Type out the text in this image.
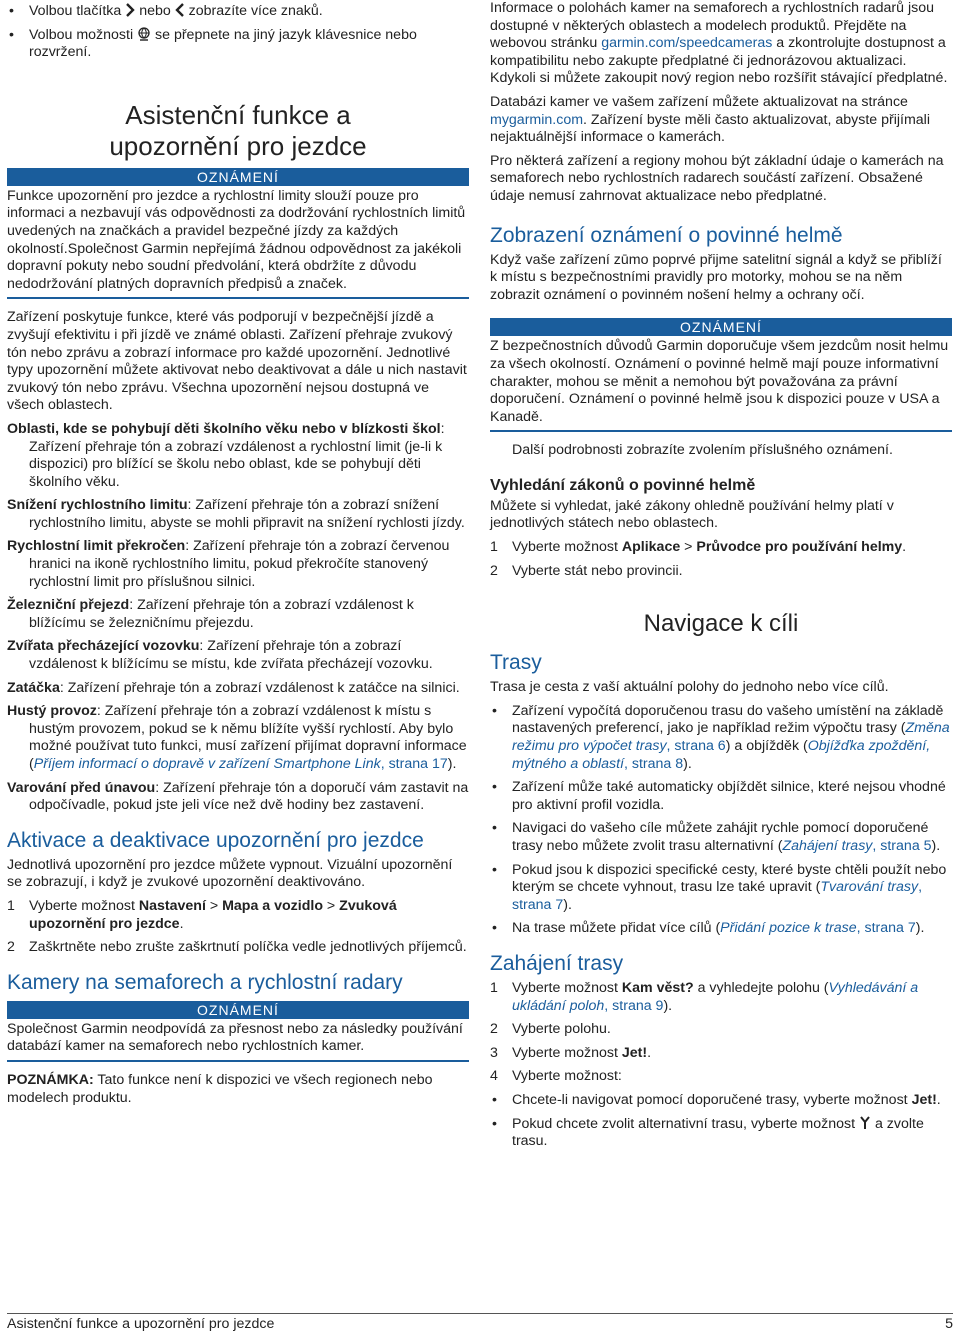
• Volbou tlačítka nebo zobrazíte více znaků.
• Volbou možnosti se přepnete na jiný jazyk klávesnice nebo rozvržení.
Asistenční funkce a upozornění pro jezdce
OZNÁMENÍ
Funkce upozornění pro jezdce a rychlostní limity slouží pouze pro informaci a nezbavují vás odpovědnosti za dodržování rychlostních limitů uvedených na značkách a pravidel bezpečné jízdy za každých okolností.Společnost Garmin nepřejímá žádnou odpovědnost za jakékoli dopravní pokuty nebo soudní předvolání, která obdržíte z důvodu nedodržování platných dopravních předpisů a značek.

Zařízení poskytuje funkce, které vás podporují v bezpečnější jízdě a zvyšují efektivitu i při jízdě ve známé oblasti. Zařízení přehraje zvukový tón nebo zprávu a zobrazí informace pro každé upozornění. Jednotlivé typy upozornění můžete aktivovat nebo deaktivovat a dále u nich nastavit zvukový tón nebo zprávu. Všechna upozornění nejsou dostupná ve všech oblastech.

Oblasti, kde se pohybují děti školního věku nebo v blízkosti škol: Zařízení přehraje tón a zobrazí vzdálenost a rychlostní limit (je-li k dispozici) pro blížící se školu nebo oblast, kde se pohybují děti školního věku.

Snížení rychlostního limitu: Zařízení přehraje tón a zobrazí snížení rychlostního limitu, abyste se mohli připravit na snížení rychlosti jízdy.

Rychlostní limit překročen: Zařízení přehraje tón a zobrazí červenou hranici na ikoně rychlostního limitu, pokud překročíte stanovený rychlostní limit pro příslušnou silnici.

Železniční přejezd: Zařízení přehraje tón a zobrazí vzdálenost k blížícímu se železničnímu přejezdu.

Zvířata přecházející vozovku: Zařízení přehraje tón a zobrazí vzdálenost k blížícímu se místu, kde zvířata přecházejí vozovku.

Zatáčka: Zařízení přehraje tón a zobrazí vzdálenost k zatáčce na silnici.

Hustý provoz: Zařízení přehraje tón a zobrazí vzdálenost k místu s hustým provozem, pokud se k němu blížíte vyšší rychlostí. Aby bylo možné používat tuto funkci, musí zařízení přijímat dopravní informace (Příjem informací o dopravě v zařízení Smartphone Link, strana 17).

Varování před únavou: Zařízení přehraje tón a doporučí vám zastavit na odpočívadle, pokud jste jeli více než dvě hodiny bez zastavení.

Aktivace a deaktivace upozornění pro jezdce

Jednotlivá upozornění pro jezdce můžete vypnout. Vizuální upozornění se zobrazují, i když je zvukové upozornění deaktivováno.

1 Vyberte možnost Nastavení > Mapa a vozidlo > Zvuková upozornění pro jezdce.
2 Zaškrtněte nebo zrušte zaškrtnutí políčka vedle jednotlivých příjemců.
Kamery na semaforech a rychlostní radary
OZNÁMENÍ
Společnost Garmin neodpovídá za přesnost nebo za následky používání databází kamer na semaforech nebo rychlostních kamer.

POZNÁMKA: Tato funkce není k dispozici ve všech regionech nebo modelech produktu.

Informace o polohách kamer na semaforech a rychlostních radarů jsou dostupné v některých oblastech a modelech produktů. Přejděte na webovou stránku garmin.com/speedcameras a zkontrolujte dostupnost a kompatibilitu nebo zakupte předplatné či jednorázovou aktualizaci. Kdykoli si můžete zakoupit nový region nebo rozšířit stávající předplatné.

Databázi kamer ve vašem zařízení můžete aktualizovat na stránce mygarmin.com. Zařízení byste měli často aktualizovat, abyste přijímali nejaktuálnější informace o kamerách.

Pro některá zařízení a regiony mohou být základní údaje o kamerách na semaforech nebo rychlostních radarech součástí zařízení. Obsažené údaje nemusí zahrnovat aktualizace nebo předplatné.

Zobrazení oznámení o povinné helmě

Když vaše zařízení zūmo poprvé přijme satelitní signál a když se přiblíží k místu s bezpečnostními pravidly pro motorky, mohou se na něm zobrazit oznámení o povinném nošení helmy a ochrany očí.

OZNÁMENÍ
Z bezpečnostních důvodů Garmin doporučuje všem jezdcům nosit helmu za všech okolností. Oznámení o povinné helmě mají pouze informativní charakter, mohou se měnit a nemohou být považována za právní doporučení. Oznámení o povinné helmě jsou k dispozici pouze v USA a Kanadě.

Další podrobnosti zobrazíte zvolením příslušného oznámení.

Vyhledání zákonů o povinné helmě

Můžete si vyhledat, jaké zákony ohledně používání helmy platí v jednotlivých státech nebo oblastech.

1 Vyberte možnost Aplikace > Průvodce pro používání helmy.
2 Vyberte stát nebo provincii.
Navigace k cíli
Trasy

Trasa je cesta z vaší aktuální polohy do jednoho nebo více cílů.

• Zařízení vypočítá doporučenou trasu do vašeho umístění na základě nastavených preferencí, jako je například režim výpočtu trasy (Změna režimu pro výpočet trasy, strana 6) a objížděk (Objížďka zpoždění, mýtného a oblastí, strana 8).
• Zařízení může také automaticky objíždět silnice, které nejsou vhodné pro aktivní profil vozidla.
• Navigaci do vašeho cíle můžete zahájit rychle pomocí doporučené trasy nebo můžete zvolit trasu alternativní (Zahájení trasy, strana 5).
• Pokud jsou k dispozici specifické cesty, které byste chtěli použít nebo kterým se chcete vyhnout, trasu lze také upravit (Tvarování trasy, strana 7).
• Na trase můžete přidat více cílů (Přidání pozice k trase, strana 7).
Zahájení trasy
1 Vyberte možnost Kam věst? a vyhledejte polohu (Vyhledávání a ukládání poloh, strana 9).
2 Vyberte polohu.
3 Vyberte možnost Jet!.
4 Vyberte možnost:
• Chcete-li navigovat pomocí doporučené trasy, vyberte možnost Jet!.
• Pokud chcete zvolit alternativní trasu, vyberte možnost a zvolte trasu.
Asistenční funkce a upozornění pro jezdce	5
